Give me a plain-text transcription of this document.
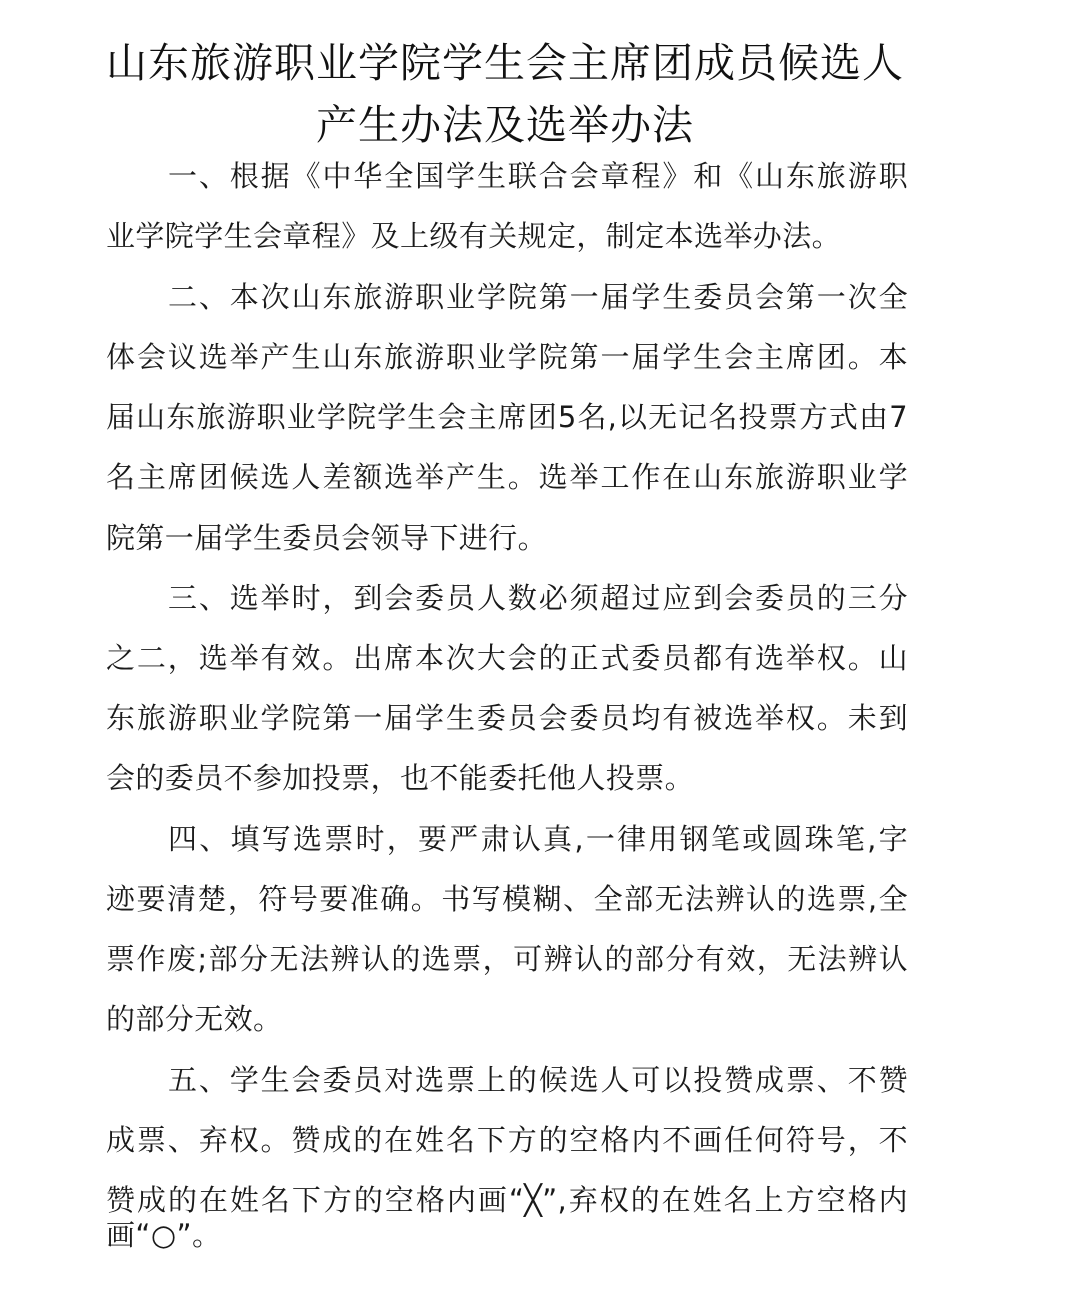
山东旅游职业学院学生会主席团成员候选人
产生办法及选举办法
一、根据《中华全国学生联合会章程》和《山东旅游职
业学院学生会章程》及上级有关规定，制定本选举办法。
二、本次山东旅游职业学院第一届学生委员会第一次全
体会议选举产生山东旅游职业学院第一届学生会主席团。本
届山东旅游职业学院学生会主席团5名,以无记名投票方式由7
名主席团候选人差额选举产生。选举工作在山东旅游职业学
院第一届学生委员会领导下进行。
三、选举时，到会委员人数必须超过应到会委员的三分
之二，选举有效。出席本次大会的正式委员都有选举权。山
东旅游职业学院第一届学生委员会委员均有被选举权。未到
会的委员不参加投票，也不能委托他人投票。
四、填写选票时，要严肃认真,一律用钢笔或圆珠笔,字
迹要清楚，符号要准确。书写模糊、全部无法辨认的选票,全
票作废;部分无法辨认的选票，可辨认的部分有效，无法辨认
的部分无效。
五、学生会委员对选票上的候选人可以投赞成票、不赞
成票、弃权。赞成的在姓名下方的空格内不画任何符号，不
赞成的在姓名下方的空格内画“╳”,弃权的在姓名上方空格内
画“○”。
